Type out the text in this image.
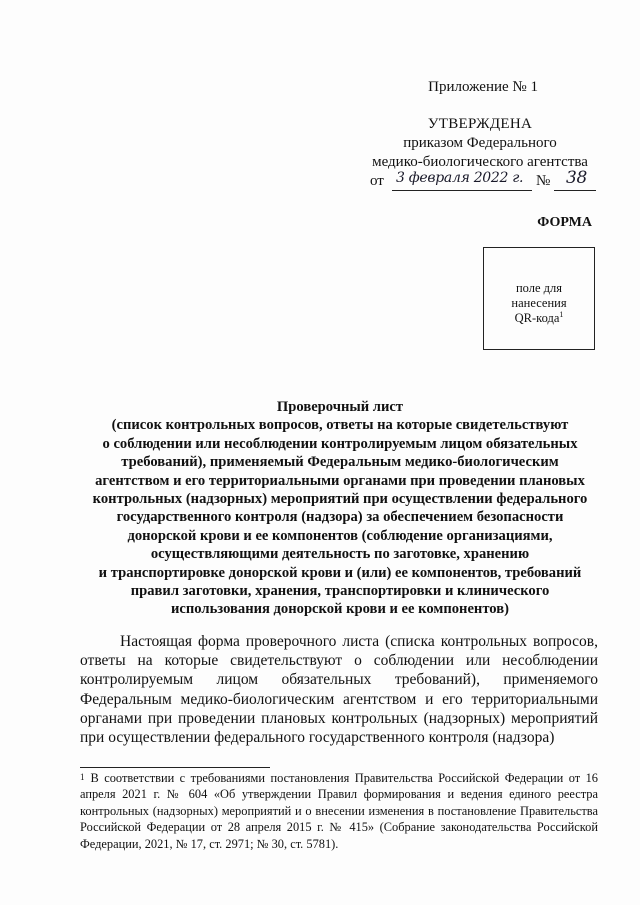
Приложение № 1
УТВЕРЖДЕНА
приказом Федерального
медико-биологического агентства
от 3 февраля 2022 г. № 38
ФОРМА
поле для
нанесения
QR-кода$^1$
Проверочный лист
(список контрольных вопросов, ответы на которые свидетельствуют
о соблюдении или несоблюдении контролируемым лицом обязательных
требований), применяемый Федеральным медико-биологическим
агентством и его территориальными органами при проведении плановых
контрольных (надзорных) мероприятий при осуществлении федерального
государственного контроля (надзора) за обеспечением безопасности
донорской крови и ее компонентов (соблюдение организациями,
осуществляющими деятельность по заготовке, хранению
и транспортировке донорской крови и (или) ее компонентов, требований
правил заготовки, хранения, транспортировки и клинического
использования донорской крови и ее компонентов)
Настоящая форма проверочного листа (списка контрольных вопросов, ответы на которые свидетельствуют о соблюдении или несоблюдении контролируемым лицом обязательных требований), применяемого Федеральным медико-биологическим агентством и его территориальными органами при проведении плановых контрольных (надзорных) мероприятий при осуществлении федерального государственного контроля (надзора)
$^1$ В соответствии с требованиями постановления Правительства Российской Федерации от 16 апреля 2021 г. № 604 «Об утверждении Правил формирования и ведения единого реестра контрольных (надзорных) мероприятий и о внесении изменения в постановление Правительства Российской Федерации от 28 апреля 2015 г. № 415» (Собрание законодательства Российской Федерации, 2021, № 17, ст. 2971; № 30, ст. 5781).
